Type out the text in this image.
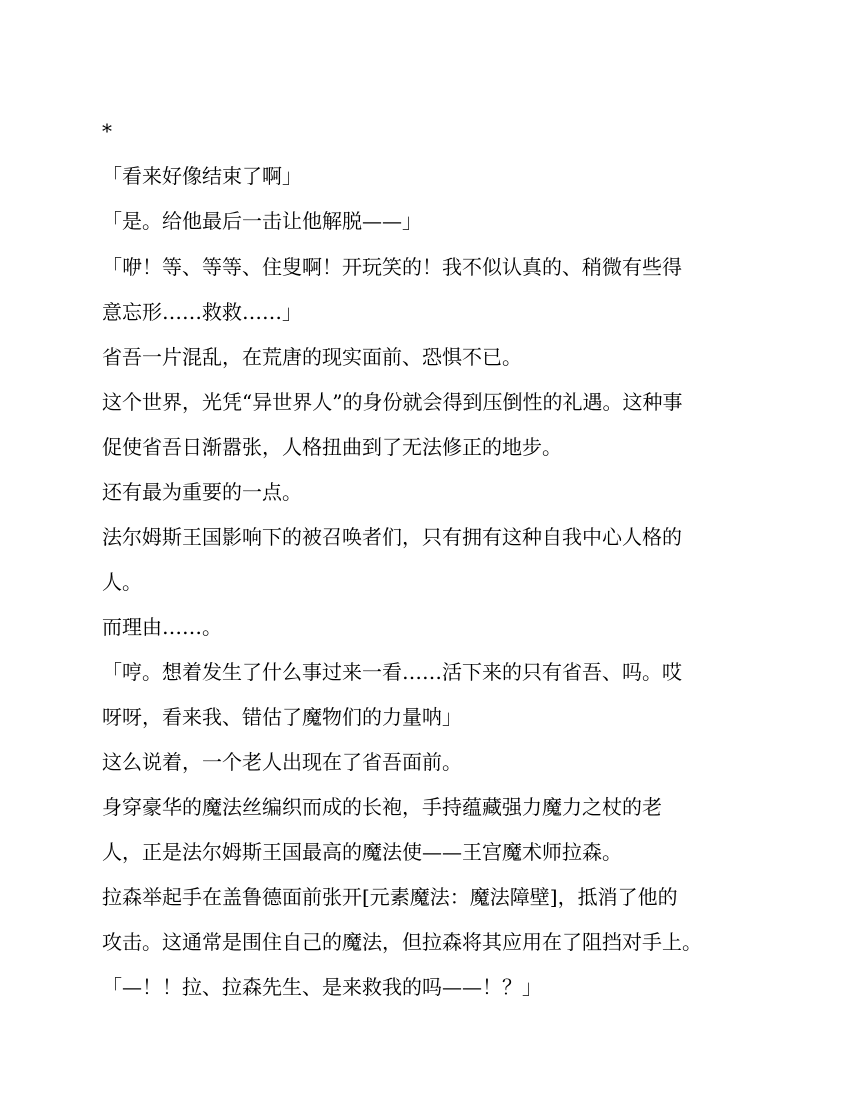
*
「看来好像结束了啊」
「是。给他最后一击让他解脱——」
「咿！等、等等、住叟啊！开玩笑的！我不似认真的、稍微有些得
意忘形……救救……」
省吾一片混乱，在荒唐的现实面前、恐惧不已。
这个世界，光凭“异世界人”的身份就会得到压倒性的礼遇。这种事
促使省吾日渐嚣张，人格扭曲到了无法修正的地步。
还有最为重要的一点。
法尔姆斯王国影响下的被召唤者们，只有拥有这种自我中心人格的
人。
而理由……。
「哼。想着发生了什么事过来一看……活下来的只有省吾、吗。哎
呀呀，看来我、错估了魔物们的力量呐」
这么说着，一个老人出现在了省吾面前。
身穿豪华的魔法丝编织而成的长袍，手持蕴藏强力魔力之杖的老
人，正是法尔姆斯王国最高的魔法使——王宫魔术师拉森。
拉森举起手在盖鲁德面前张开[元素魔法：魔法障壁]，抵消了他的
攻击。这通常是围住自己的魔法，但拉森将其应用在了阻挡对手上。
「—！！拉、拉森先生、是来救我的吗——！？」
